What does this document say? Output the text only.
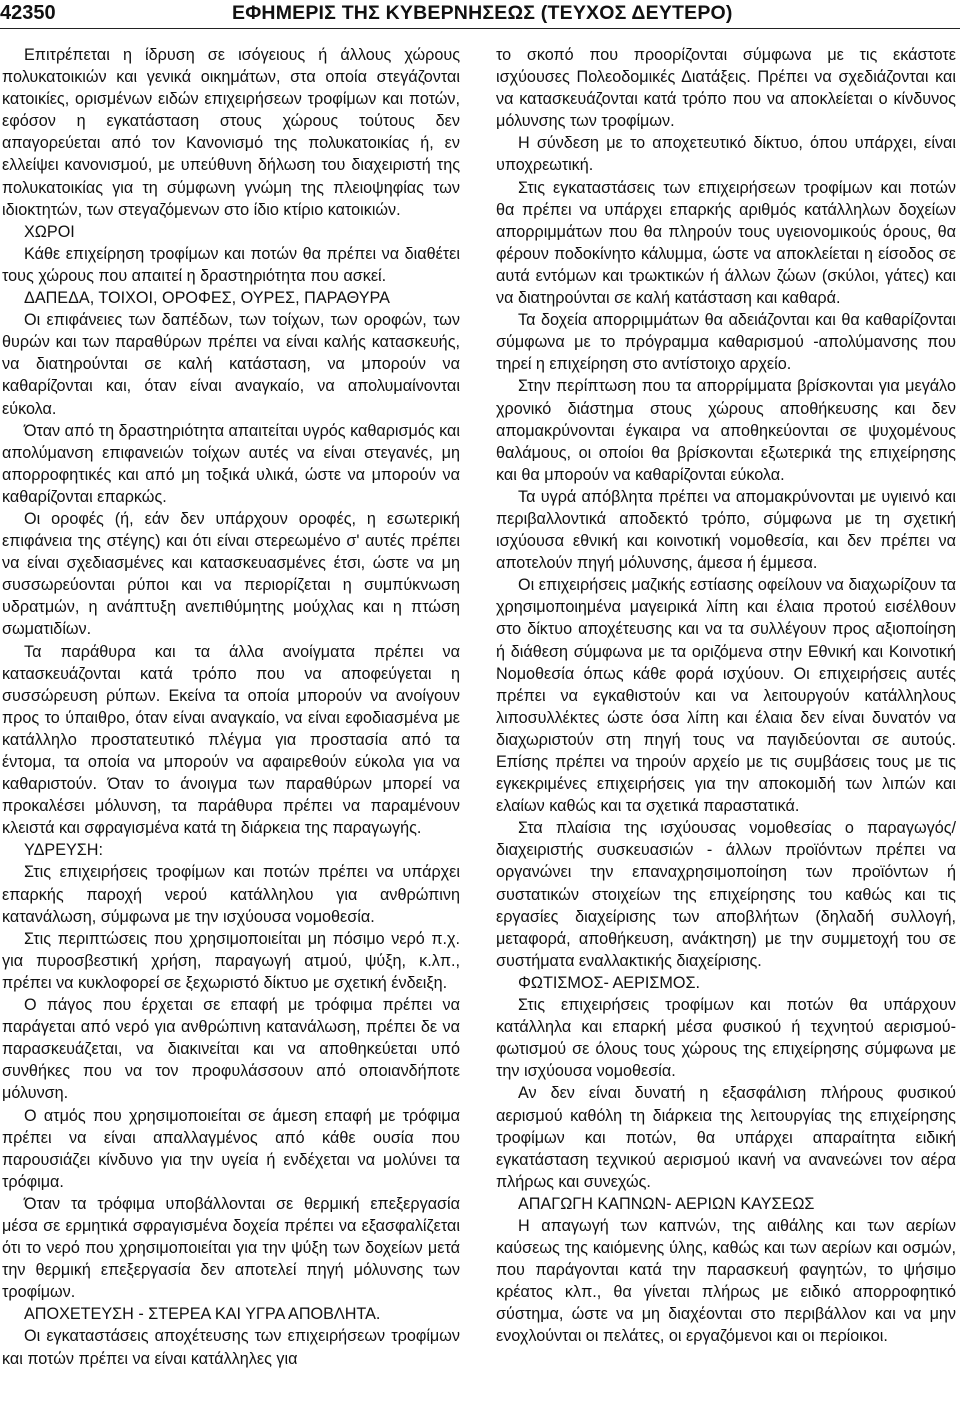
42350	ΕΦΗΜΕΡΙΣ ΤΗΣ ΚΥΒΕΡΝΗΣΕΩΣ (ΤΕΥΧΟΣ ΔΕΥΤΕΡΟ)

Επιτρέπεται η ίδρυση σε ισόγειους ή άλλους χώρους πολυκατοικιών και γενικά οικημάτων, στα οποία στεγάζονται κατοικίες, ορισμένων ειδών επιχειρήσεων τροφίμων και ποτών, εφόσον η εγκατάσταση στους χώρους τούτους δεν απαγορεύεται από τον Κανονισμό της πολυκατοικίας ή, εν ελλείψει κανονισμού, με υπεύθυνη δήλωση του διαχειριστή της πολυκατοικίας για τη σύμφωνη γνώμη της πλειοψηφίας των ιδιοκτητών, των στεγαζόμενων στο ίδιο κτίριο κατοικιών.

ΧΩΡΟΙ

Κάθε επιχείρηση τροφίμων και ποτών θα πρέπει να διαθέτει τους χώρους που απαιτεί η δραστηριότητα που ασκεί.

ΔΑΠΕΔΑ, ΤΟΙΧΟΙ, ΟΡΟΦΕΣ, ΟΥΡΕΣ, ΠΑΡΑΘΥΡΑ

Οι επιφάνειες των δαπέδων, των τοίχων, των οροφών, των θυρών και των παραθύρων πρέπει να είναι καλής κατασκευής, να διατηρούνται σε καλή κατάσταση, να μπορούν να καθαρίζονται και, όταν είναι αναγκαίο, να απολυμαίνονται εύκολα.

Όταν από τη δραστηριότητα απαιτείται υγρός καθαρισμός και απολύμανση επιφανειών τοίχων αυτές να είναι στεγανές, μη απορροφητικές και από μη τοξικά υλικά, ώστε να μπορούν να καθαρίζονται επαρκώς.

Οι οροφές (ή, εάν δεν υπάρχουν οροφές, η εσωτερική επιφάνεια της στέγης) και ότι είναι στερεωμένο σ' αυτές πρέπει να είναι σχεδιασμένες και κατασκευασμένες έτσι, ώστε να μη συσσωρεύονται ρύποι και να περιορίζεται η συμπύκνωση υδρατμών, η ανάπτυξη ανεπιθύμητης μούχλας και η πτώση σωματιδίων.

Τα παράθυρα και τα άλλα ανοίγματα πρέπει να κατασκευάζονται κατά τρόπο που να αποφεύγεται η συσσώρευση ρύπων. Εκείνα τα οποία μπορούν να ανοίγουν προς το ύπαιθρο, όταν είναι αναγκαίο, να είναι εφοδιασμένα με κατάλληλο προστατευτικό πλέγμα για προστασία από τα έντομα, τα οποία να μπορούν να αφαιρεθούν εύκολα για να καθαριστούν. Όταν το άνοιγμα των παραθύρων μπορεί να προκαλέσει μόλυνση, τα παράθυρα πρέπει να παραμένουν κλειστά και σφραγισμένα κατά τη διάρκεια της παραγωγής.

ΥΔΡΕΥΣΗ:

Στις επιχειρήσεις τροφίμων και ποτών πρέπει να υπάρχει επαρκής παροχή νερού κατάλληλου για ανθρώπινη κατανάλωση, σύμφωνα με την ισχύουσα νομοθεσία.

Στις περιπτώσεις που χρησιμοποιείται μη πόσιμο νερό π.χ. για πυροσβεστική χρήση, παραγωγή ατμού, ψύξη, κ.λπ., πρέπει να κυκλοφορεί σε ξεχωριστό δίκτυο με σχετική ένδειξη.

Ο πάγος που έρχεται σε επαφή με τρόφιμα πρέπει να παράγεται από νερό για ανθρώπινη κατανάλωση, πρέπει δε να παρασκευάζεται, να διακινείται και να αποθηκεύεται υπό συνθήκες που να τον προφυλάσσουν από οποιανδήποτε μόλυνση.

Ο ατμός που χρησιμοποιείται σε άμεση επαφή με τρόφιμα πρέπει να είναι απαλλαγμένος από κάθε ουσία που παρουσιάζει κίνδυνο για την υγεία ή ενδέχεται να μολύνει τα τρόφιμα.

Όταν τα τρόφιμα υποβάλλονται σε θερμική επεξεργασία μέσα σε ερμητικά σφραγισμένα δοχεία πρέπει να εξασφαλίζεται ότι το νερό που χρησιμοποιείται για την ψύξη των δοχείων μετά την θερμική επεξεργασία δεν αποτελεί πηγή μόλυνσης των τροφίμων.

ΑΠΟΧΕΤΕΥΣΗ - ΣΤΕΡΕΑ ΚΑΙ ΥΓΡΑ ΑΠΟΒΛΗΤΑ.

Οι εγκαταστάσεις αποχέτευσης των επιχειρήσεων τροφίμων και ποτών πρέπει να είναι κατάλληλες για

το σκοπό που προορίζονται σύμφωνα με τις εκάστοτε ισχύουσες Πολεοδομικές Διατάξεις. Πρέπει να σχεδιάζονται και να κατασκευάζονται κατά τρόπο που να αποκλείεται ο κίνδυνος μόλυνσης των τροφίμων.

Η σύνδεση με το αποχετευτικό δίκτυο, όπου υπάρχει, είναι υποχρεωτική.

Στις εγκαταστάσεις των επιχειρήσεων τροφίμων και ποτών θα πρέπει να υπάρχει επαρκής αριθμός κατάλληλων δοχείων απορριμμάτων που θα πληρούν τους υγειονομικούς όρους, θα φέρουν ποδοκίνητο κάλυμμα, ώστε να αποκλείεται η είσοδος σε αυτά εντόμων και τρωκτικών ή άλλων ζώων (σκύλοι, γάτες) και να διατηρούνται σε καλή κατάσταση και καθαρά.

Τα δοχεία απορριμμάτων θα αδειάζονται και θα καθαρίζονται σύμφωνα με το πρόγραμμα καθαρισμού -απολύμανσης που τηρεί η επιχείρηση στο αντίστοιχο αρχείο.

Στην περίπτωση που τα απορρίμματα βρίσκονται για μεγάλο χρονικό διάστημα στους χώρους αποθήκευσης και δεν απομακρύνονται έγκαιρα να αποθηκεύονται σε ψυχομένους θαλάμους, οι οποίοι θα βρίσκονται εξωτερικά της επιχείρησης και θα μπορούν να καθαρίζονται εύκολα.

Τα υγρά απόβλητα πρέπει να απομακρύνονται με υγιεινό και περιβαλλοντικά αποδεκτό τρόπο, σύμφωνα με τη σχετική ισχύουσα εθνική και κοινοτική νομοθεσία, και δεν πρέπει να αποτελούν πηγή μόλυνσης, άμεσα ή έμμεσα.

Οι επιχειρήσεις μαζικής εστίασης οφείλουν να διαχωρίζουν τα χρησιμοποιημένα μαγειρικά λίπη και έλαια προτού εισέλθουν στο δίκτυο αποχέτευσης και να τα συλλέγουν προς αξιοποίηση ή διάθεση σύμφωνα με τα οριζόμενα στην Εθνική και Κοινοτική Νομοθεσία όπως κάθε φορά ισχύουν. Οι επιχειρήσεις αυτές πρέπει να εγκαθιστούν και να λειτουργούν κατάλληλους λιποσυλλέκτες ώστε όσα λίπη και έλαια δεν είναι δυνατόν να διαχωριστούν στη πηγή τους να παγιδεύονται σε αυτούς. Επίσης πρέπει να τηρούν αρχείο με τις συμβάσεις τους με τις εγκεκριμένες επιχειρήσεις για την αποκομιδή των λιπών και ελαίων καθώς και τα σχετικά παραστατικά.

Στα πλαίσια της ισχύουσας νομοθεσίας ο παραγωγός/διαχειριστής συσκευασιών - άλλων προϊόντων πρέπει να οργανώνει την επαναχρησιμοποίηση των προϊόντων ή συστατικών στοιχείων της επιχείρησης του καθώς και τις εργασίες διαχείρισης των αποβλήτων (δηλαδή συλλογή, μεταφορά, αποθήκευση, ανάκτηση) με την συμμετοχή του σε συστήματα εναλλακτικής διαχείρισης.

ΦΩΤΙΣΜΟΣ- ΑΕΡΙΣΜΟΣ.

Στις επιχειρήσεις τροφίμων και ποτών θα υπάρχουν κατάλληλα και επαρκή μέσα φυσικού ή τεχνητού αερισμού-φωτισμού σε όλους τους χώρους της επιχείρησης σύμφωνα με την ισχύουσα νομοθεσία.

Αν δεν είναι δυνατή η εξασφάλιση πλήρους φυσικού αερισμού καθόλη τη διάρκεια της λειτουργίας της επιχείρησης τροφίμων και ποτών, θα υπάρχει απαραίτητα ειδική εγκατάσταση τεχνικού αερισμού ικανή να ανανεώνει τον αέρα πλήρως και συνεχώς.

ΑΠΑΓΩΓΗ ΚΑΠΝΩΝ- ΑΕΡΙΩΝ ΚΑΥΣΕΩΣ

Η απαγωγή των καπνών, της αιθάλης και των αερίων καύσεως της καιόμενης ύλης, καθώς και των αερίων και οσμών, που παράγονται κατά την παρασκευή φαγητών, το ψήσιμο κρέατος κλπ., θα γίνεται πλήρως με ειδικό απορροφητικό σύστημα, ώστε να μη διαχέονται στο περιβάλλον και να μην ενοχλούνται οι πελάτες, οι εργαζόμενοι και οι περίοικοι.
